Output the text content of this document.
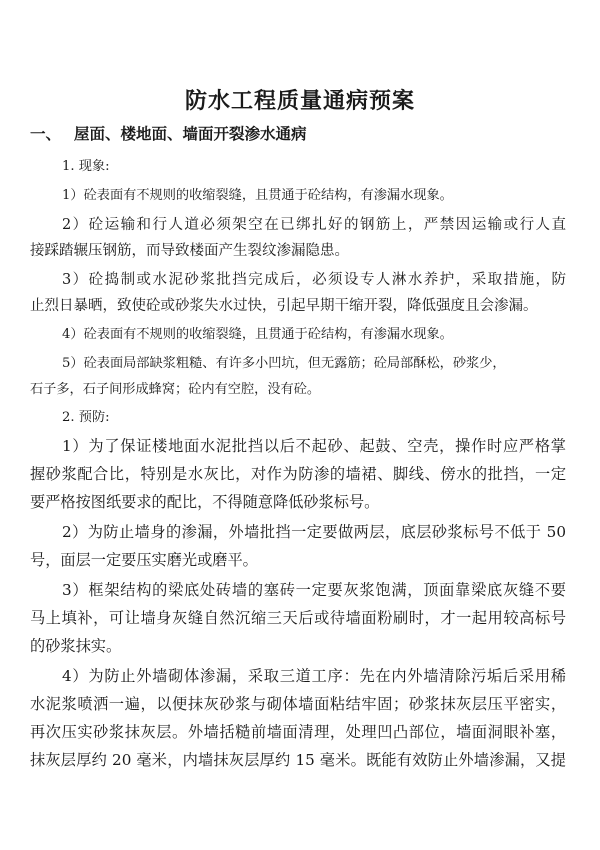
防水工程质量通病预案
一、 屋面、楼地面、墙面开裂渗水通病
1. 现象:
1）砼表面有不规则的收缩裂缝，且贯通于砼结构，有渗漏水现象。
2）砼运输和行人道必须架空在已绑扎好的钢筋上，严禁因运输或行人直
接踩踏辗压钢筋，而导致楼面产生裂纹渗漏隐患。
3）砼捣制或水泥砂浆批挡完成后，必须设专人淋水养护，采取措施，防
止烈日暴晒，致使砼或砂浆失水过快，引起早期干缩开裂，降低强度且会渗漏。
4）砼表面有不规则的收缩裂缝，且贯通于砼结构，有渗漏水现象。
5）砼表面局部缺浆粗糙、有许多小凹坑，但无露筋；砼局部酥松，砂浆少，
石子多，石子间形成蜂窝；砼内有空腔，没有砼。
2. 预防:
1）为了保证楼地面水泥批挡以后不起砂、起鼓、空壳，操作时应严格掌
握砂浆配合比，特别是水灰比，对作为防渗的墙裙、脚线、傍水的批挡，一定
要严格按图纸要求的配比，不得随意降低砂浆标号。
2）为防止墙身的渗漏，外墙批挡一定要做两层，底层砂浆标号不低于 50
号，面层一定要压实磨光或磨平。
3）框架结构的梁底处砖墙的塞砖一定要灰浆饱满，顶面靠梁底灰缝不要
马上填补，可让墙身灰缝自然沉缩三天后或待墙面粉刷时，才一起用较高标号
的砂浆抹实。
4）为防止外墙砌体渗漏，采取三道工序：先在内外墙清除污垢后采用稀
水泥浆喷洒一遍，以便抹灰砂浆与砌体墙面粘结牢固；砂浆抹灰层压平密实，
再次压实砂浆抹灰层。外墙括糙前墙面清理，处理凹凸部位，墙面洞眼补塞，
抹灰层厚约 20 毫米，内墙抹灰层厚约 15 毫米。既能有效防止外墙渗漏，又提
